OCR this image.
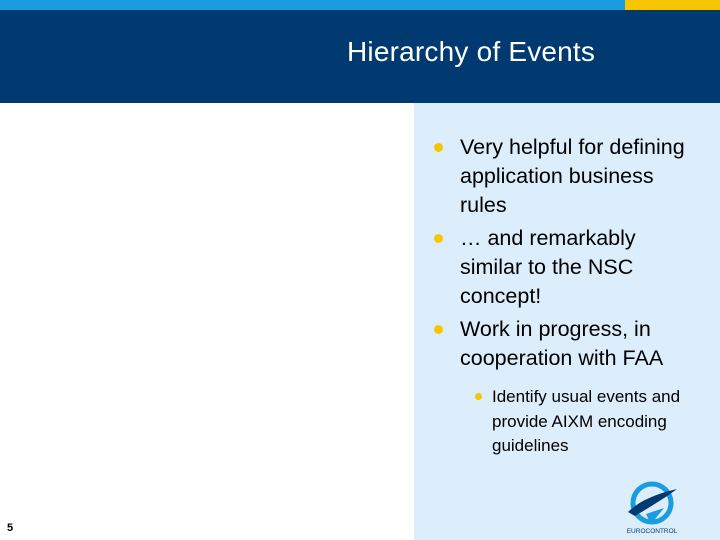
Hierarchy of Events
Very helpful for defining application business rules
… and remarkably similar to the NSC concept!
Work in progress, in cooperation with FAA
Identify usual events and provide AIXM encoding guidelines
5	EUROCONTROL
